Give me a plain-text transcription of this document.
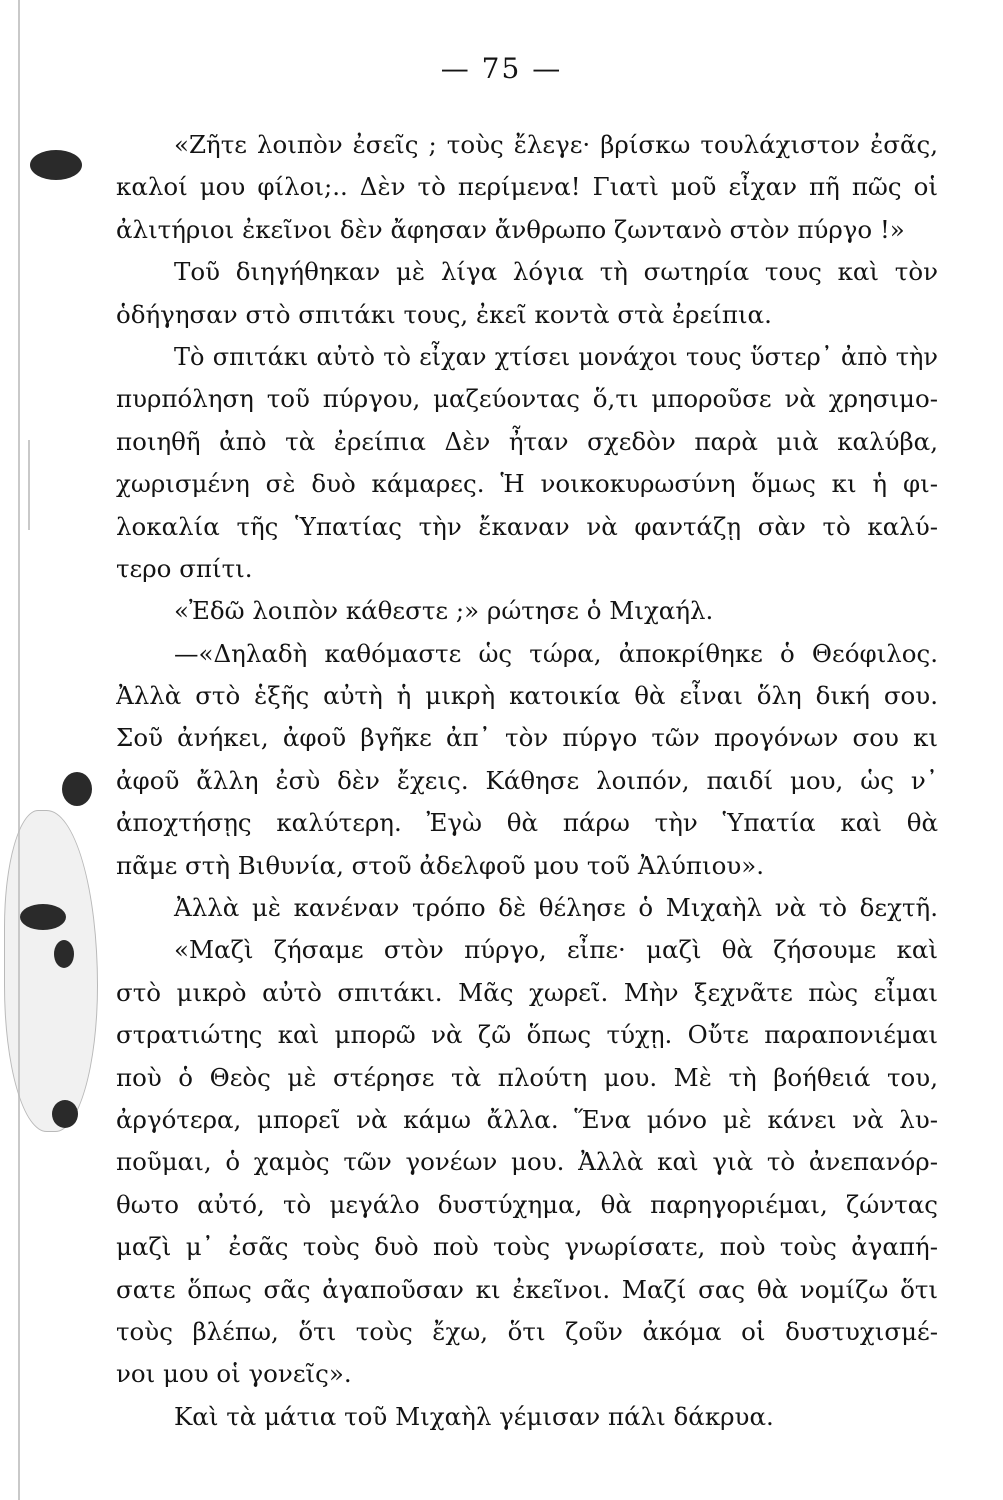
— 75 —
«Ζῆτε λοιπὸν ἐσεῖς ; τοὺς ἔλεγε· βρίσκω τουλάχιστον ἐσᾶς,
καλοί μου φίλοι;.. Δὲν τὸ περίμενα! Γιατὶ μοῦ εἶχαν πῆ πῶς οἱ
ἀλιτήριοι ἐκεῖνοι δὲν ἄφησαν ἄνθρωπο ζωντανὸ στὸν πύργο !»
Τοῦ διηγήθηκαν μὲ λίγα λόγια τὴ σωτηρία τους καὶ τὸν
ὁδήγησαν στὸ σπιτάκι τους, ἐκεῖ κοντὰ στὰ ἐρείπια.
Τὸ σπιτάκι αὐτὸ τὸ εἶχαν χτίσει μονάχοι τους ὕστερ᾿ ἀπὸ τὴν
πυρπόληση τοῦ πύργου, μαζεύοντας ὅ,τι μποροῦσε νὰ χρησιμο-
ποιηθῆ ἀπὸ τὰ ἐρείπια Δὲν ἦταν σχεδὸν παρὰ μιὰ καλύβα,
χωρισμένη σὲ δυὸ κάμαρες. Ἡ νοικοκυρωσύνη ὅμως κι ἡ φι-
λοκαλία τῆς Ὑπατίας τὴν ἔκαναν νὰ φαντάζῃ σὰν τὸ καλύ-
τερο σπίτι.
«Ἐδῶ λοιπὸν κάθεστε ;» ρώτησε ὁ Μιχαήλ.
—«Δηλαδὴ καθόμαστε ὡς τώρα, ἀποκρίθηκε ὁ Θεόφιλος.
Ἀλλὰ στὸ ἑξῆς αὐτὴ ἡ μικρὴ κατοικία θὰ εἶναι ὅλη δική σου.
Σοῦ ἀνήκει, ἀφοῦ βγῆκε ἀπ᾿ τὸν πύργο τῶν προγόνων σου κι
ἀφοῦ ἄλλη ἐσὺ δὲν ἔχεις. Κάθησε λοιπόν, παιδί μου, ὡς ν᾿
ἀποχτήσῃς καλύτερη. Ἐγὼ θὰ πάρω τὴν Ὑπατία καὶ θὰ
πᾶμε στὴ Βιθυνία, στοῦ ἀδελφοῦ μου τοῦ Ἀλύπιου».
Ἀλλὰ μὲ κανέναν τρόπο δὲ θέλησε ὁ Μιχαὴλ νὰ τὸ δεχτῆ.
«Μαζὶ ζήσαμε στὸν πύργο, εἶπε· μαζὶ θὰ ζήσουμε καὶ
στὸ μικρὸ αὐτὸ σπιτάκι. Μᾶς χωρεῖ. Μὴν ξεχνᾶτε πὼς εἶμαι
στρατιώτης καὶ μπορῶ νὰ ζῶ ὅπως τύχῃ. Οὔτε παραπονιέμαι
ποὺ ὁ Θεὸς μὲ στέρησε τὰ πλούτη μου. Μὲ τὴ βοήθειά του,
ἀργότερα, μπορεῖ νὰ κάμω ἄλλα. Ἕνα μόνο μὲ κάνει νὰ λυ-
ποῦμαι, ὁ χαμὸς τῶν γονέων μου. Ἀλλὰ καὶ γιὰ τὸ ἀνεπανόρ-
θωτο αὐτό, τὸ μεγάλο δυστύχημα, θὰ παρηγοριέμαι, ζώντας
μαζὶ μ᾿ ἐσᾶς τοὺς δυὸ ποὺ τοὺς γνωρίσατε, ποὺ τοὺς ἀγαπή-
σατε ὅπως σᾶς ἀγαποῦσαν κι ἐκεῖνοι. Μαζί σας θὰ νομίζω ὅτι
τοὺς βλέπω, ὅτι τοὺς ἔχω, ὅτι ζοῦν ἀκόμα οἱ δυστυχισμέ-
νοι μου οἱ γονεῖς».
Καὶ τὰ μάτια τοῦ Μιχαὴλ γέμισαν πάλι δάκρυα.
